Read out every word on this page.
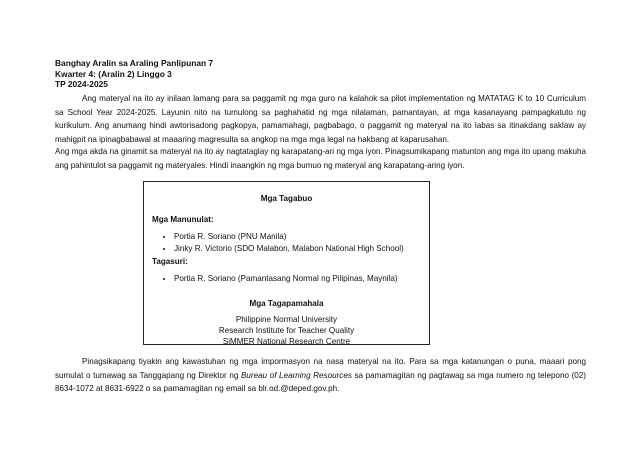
Banghay Aralin sa Araling Panlipunan 7
Kwarter 4: (Aralin 2) Linggo 3
TP 2024-2025
Ang materyal na ito ay inilaan lamang para sa paggamit ng mga guro na kalahok sa pilot implementation ng MATATAG K to 10 Curriculum sa School Year 2024-2025. Layunin nito na tumulong sa paghahatid ng mga nilalaman, pamantayan, at mga kasanayang pampagkatuto ng kurikulum. Ang anumang hindi awtorisadong pagkopya, pamamahagi, pagbabago, o paggamit ng materyal na ito labas sa itinakdang saklaw ay mahigpit na ipinagbabawal at maaaring magresulta sa angkop na mga mga legal na hakbang at kaparusahan.
Ang mga akda na ginamit sa materyal na ito ay nagtataglay ng karapatang-ari ng mga iyon. Pinagsumikapang matunton ang mga ito upang makuha ang pahintulot sa paggamit ng materyales. Hindi inaangkin ng mga bumuo ng materyal ang karapatang-aring iyon.
Mga Tagabuo
Mga Manunulat:
• Portia R. Soriano (PNU Manila)
• Jinky R. Victorio (SDO Malabon, Malabon National High School)
Tagasuri:
• Portia R. Soriano (Pamantasang Normal ng Pilipinas, Maynila)
Mga Tagapamahala
Philippine Normal University
Research Institute for Teacher Quality
SiMMER National Research Centre
Pinagsikapang tiyakin ang kawastuhan ng mga impormasyon na nasa materyal na ito. Para sa mga katanungan o puna, maaari pong sumulat o tumawag sa Tanggapang ng Direktor ng Bureau of Learning Resources sa pamamagitan ng pagtawag sa mga numero ng telepono (02) 8634-1072 at 8631-6922 o sa pamamagitan ng email sa blr.od.@deped.gov.ph.
